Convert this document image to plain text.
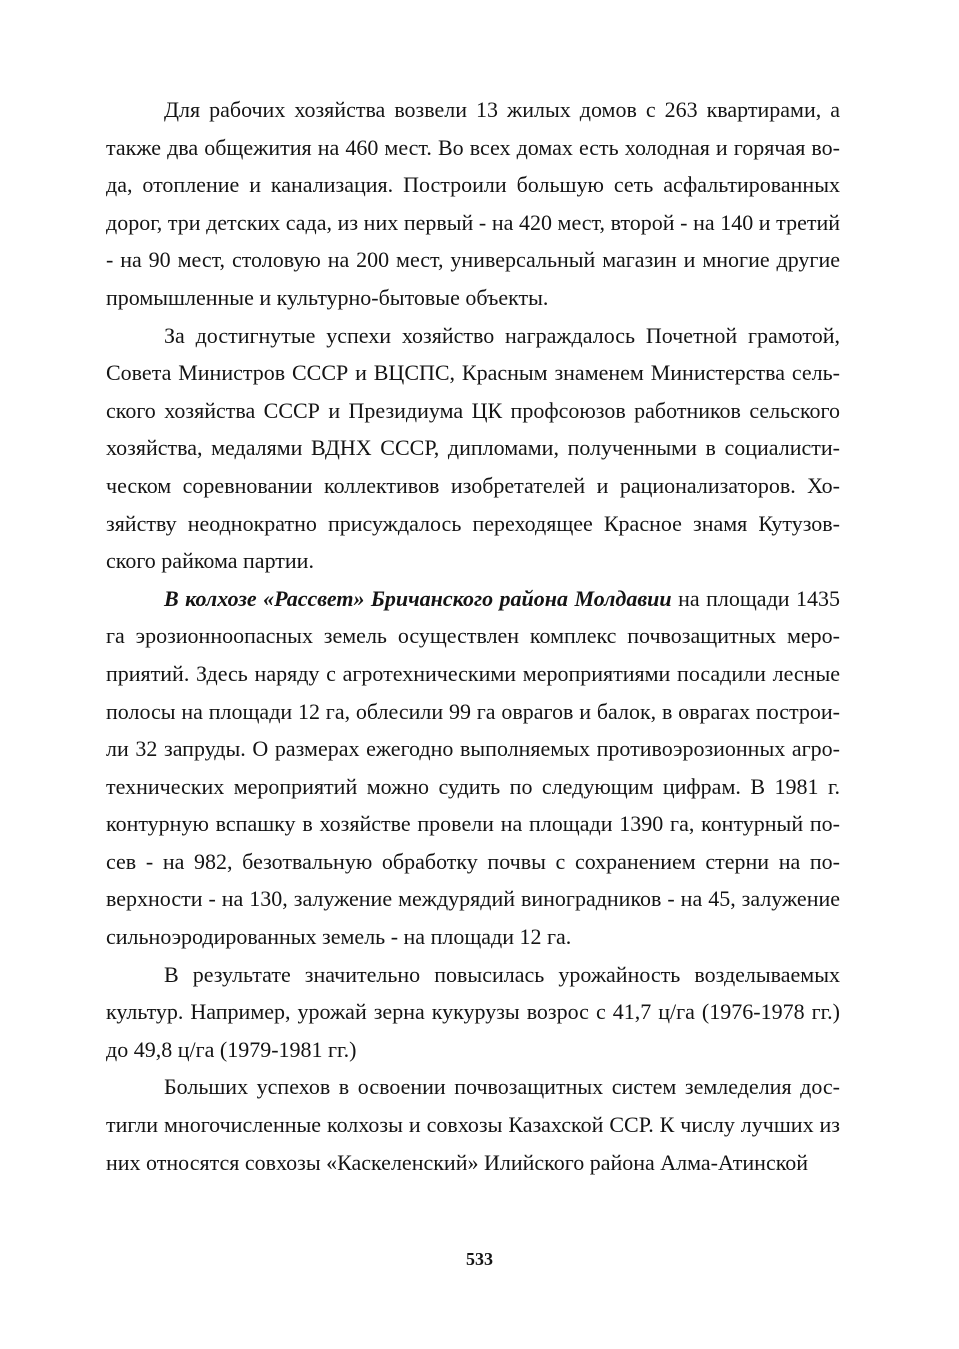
Для рабочих хозяйства возвели 13 жилых домов с 263 квартирами, а также два общежития на 460 мест. Во всех домах есть холодная и горячая вода, отопление и канализация. Построили большую сеть асфальтированных дорог, три детских сада, из них первый - на 420 мест, второй - на 140 и третий - на 90 мест, столовую на 200 мест, универсальный магазин и многие другие промышленные и культурно-бытовые объекты.

За достигнутые успехи хозяйство награждалось Почетной грамотой, Совета Министров СССР и ВЦСПС, Красным знаменем Министерства сельского хозяйства СССР и Президиума ЦК профсоюзов работников сельского хозяйства, медалями ВДНХ СССР, дипломами, полученными в социалистическом соревновании коллективов изобретателей и рационализаторов. Хозяйству неоднократно присуждалось переходящее Красное знамя Кутузовского райкома партии.

В колхозе «Рассвет» Бричанского района Молдавии на площади 1435 га эрозионноопасных земель осуществлен комплекс почвозащитных мероприятий. Здесь наряду с агротехническими мероприятиями посадили лесные полосы на площади 12 га, облесили 99 га оврагов и балок, в оврагах построили 32 запруды. О размерах ежегодно выполняемых противоэрозионных агротехнических мероприятий можно судить по следующим цифрам. В 1981 г. контурную вспашку в хозяйстве провели на площади 1390 га, контурный посев - на 982, безотвальную обработку почвы с сохранением стерни на поверхности - на 130, залужение междурядий виноградников - на 45, залужение сильноэродированных земель - на площади 12 га.

В результате значительно повысилась урожайность возделываемых культур. Например, урожай зерна кукурузы возрос с 41,7 ц/га (1976-1978 гг.) до 49,8 ц/га (1979-1981 гг.)

Больших успехов в освоении почвозащитных систем земледелия достигли многочисленные колхозы и совхозы Казахской ССР. К числу лучших из них относятся совхозы «Каскеленский» Илийского района Алма-Атинской

533
